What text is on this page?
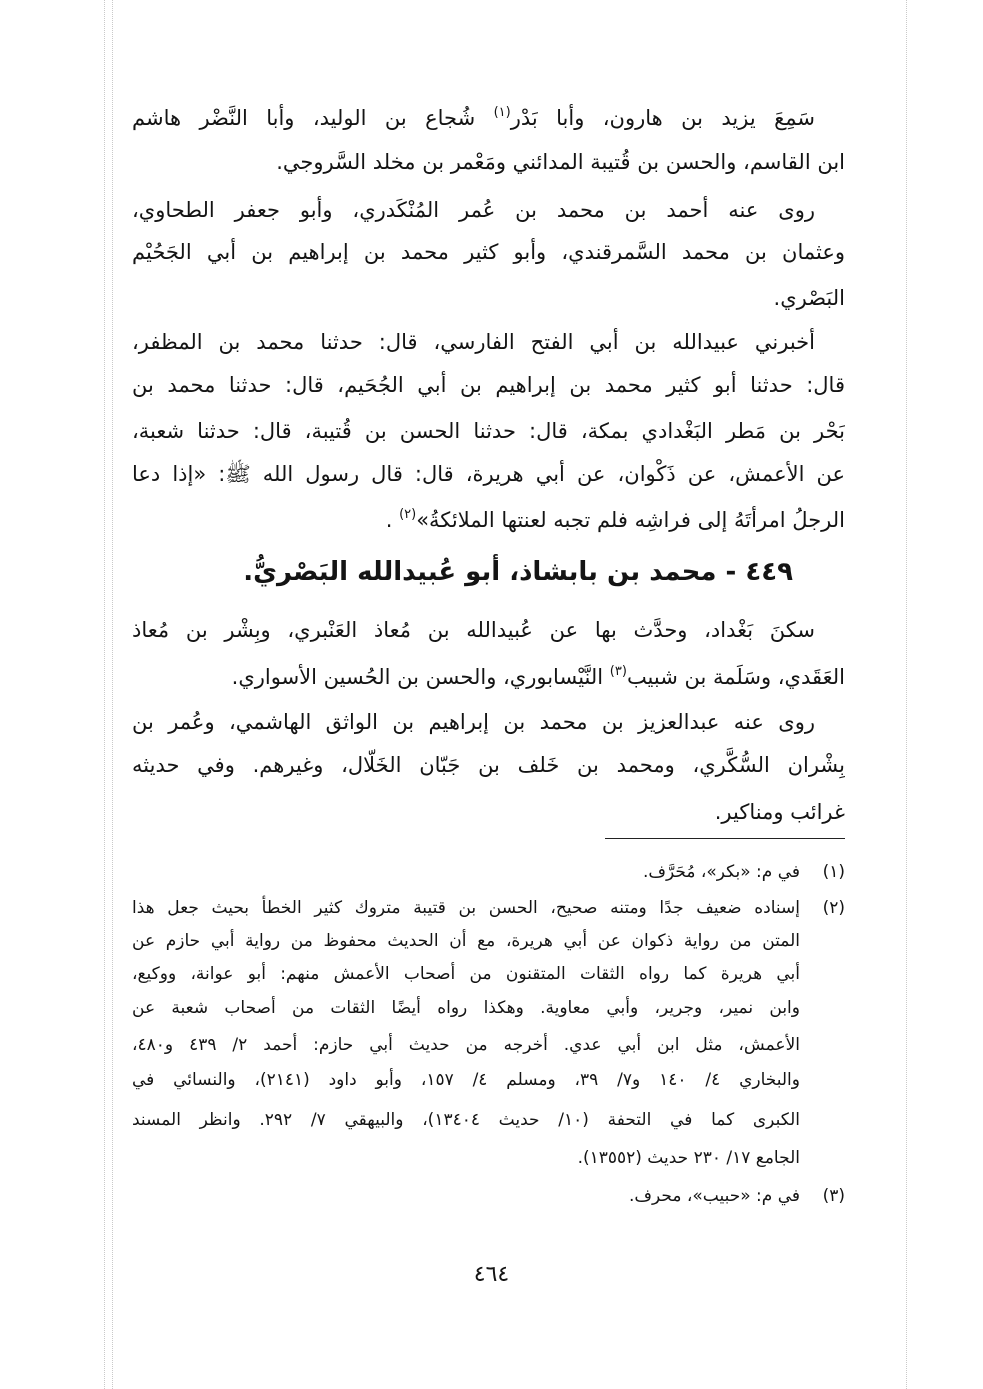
سَمِعَ يزيد بن هارون، وأبا بَدْر$^{(١)}$ شُجاع بن الوليد، وأبا النَّضْر هاشم
ابن القاسم، والحسن بن قُتيبة المدائني ومَعْمر بن مخلد السَّروجي.
روى عنه أحمد بن محمد بن عُمر المُنْكَدري، وأبو جعفر الطحاوي،
وعثمان بن محمد السَّمرقندي، وأبو كثير محمد بن إبراهيم بن أبي الجَحُيْم
البَصْري.
أخبرني عبيدالله بن أبي الفتح الفارسي، قال: حدثنا محمد بن المظفر،
قال: حدثنا أبو كثير محمد بن إبراهيم بن أبي الجُحَيم، قال: حدثنا محمد بن
بَحْر بن مَطر البَغْدادي بمكة، قال: حدثنا الحسن بن قُتيبة، قال: حدثنا شعبة،
عن الأعمش، عن ذَكْوان، عن أبي هريرة، قال: قال رسول الله ﷺ: «إذا دعا
الرجلُ امرأتَهُ إلى فراشِه فلم تجبه لعنتها الملائكةُ»$^{(٢)}$ .
٤٤٩ - محمد بن بابشاذ، أبو عُبيدالله البَصْريُّ.
سكنَ بَغْداد، وحدَّث بها عن عُبيدالله بن مُعاذ العَنْبري، وبِشْر بن مُعاذ
العَقَدي، وسَلَمة بن شبيب$^{(٣)}$ النَّيْسابوري، والحسن بن الحُسين الأسواري.
روى عنه عبدالعزيز بن محمد بن إبراهيم بن الواثق الهاشمي، وعُمر بن
بِشْران السُّكَّري، ومحمد بن خَلف بن جَبّان الخَلّال، وغيرهم. وفي حديثه
غرائب ومناكير.
(١)
في م: «بكر»، مُحَرَّف.
(٢)
إسناده ضعيف جدًا ومتنه صحيح، الحسن بن قتيبة متروك كثير الخطأ بحيث جعل هذا
المتن من رواية ذكوان عن أبي هريرة، مع أن الحديث محفوظ من رواية أبي حازم عن
أبي هريرة كما رواه الثقات المتقنون من أصحاب الأعمش منهم: أبو عوانة، ووكيع،
وابن نمير، وجرير، وأبي معاوية. وهكذا رواه أيضًا الثقات من أصحاب شعبة عن
الأعمش، مثل ابن أبي عدي. أخرجه من حديث أبي حازم: أحمد ٢/ ٤٣٩ و٤٨٠،
والبخاري ٤/ ١٤٠ و٧/ ٣٩، ومسلم ٤/ ١٥٧، وأبو داود (٢١٤١)، والنسائي في
الكبرى كما في التحفة (١٠/ حديث ١٣٤٠٤)، والبيهقي ٧/ ٢٩٢. وانظر المسند
الجامع ١٧/ ٢٣٠ حديث (١٣٥٥٢).
(٣)
في م: «حبيب»، محرف.
٤٦٤
